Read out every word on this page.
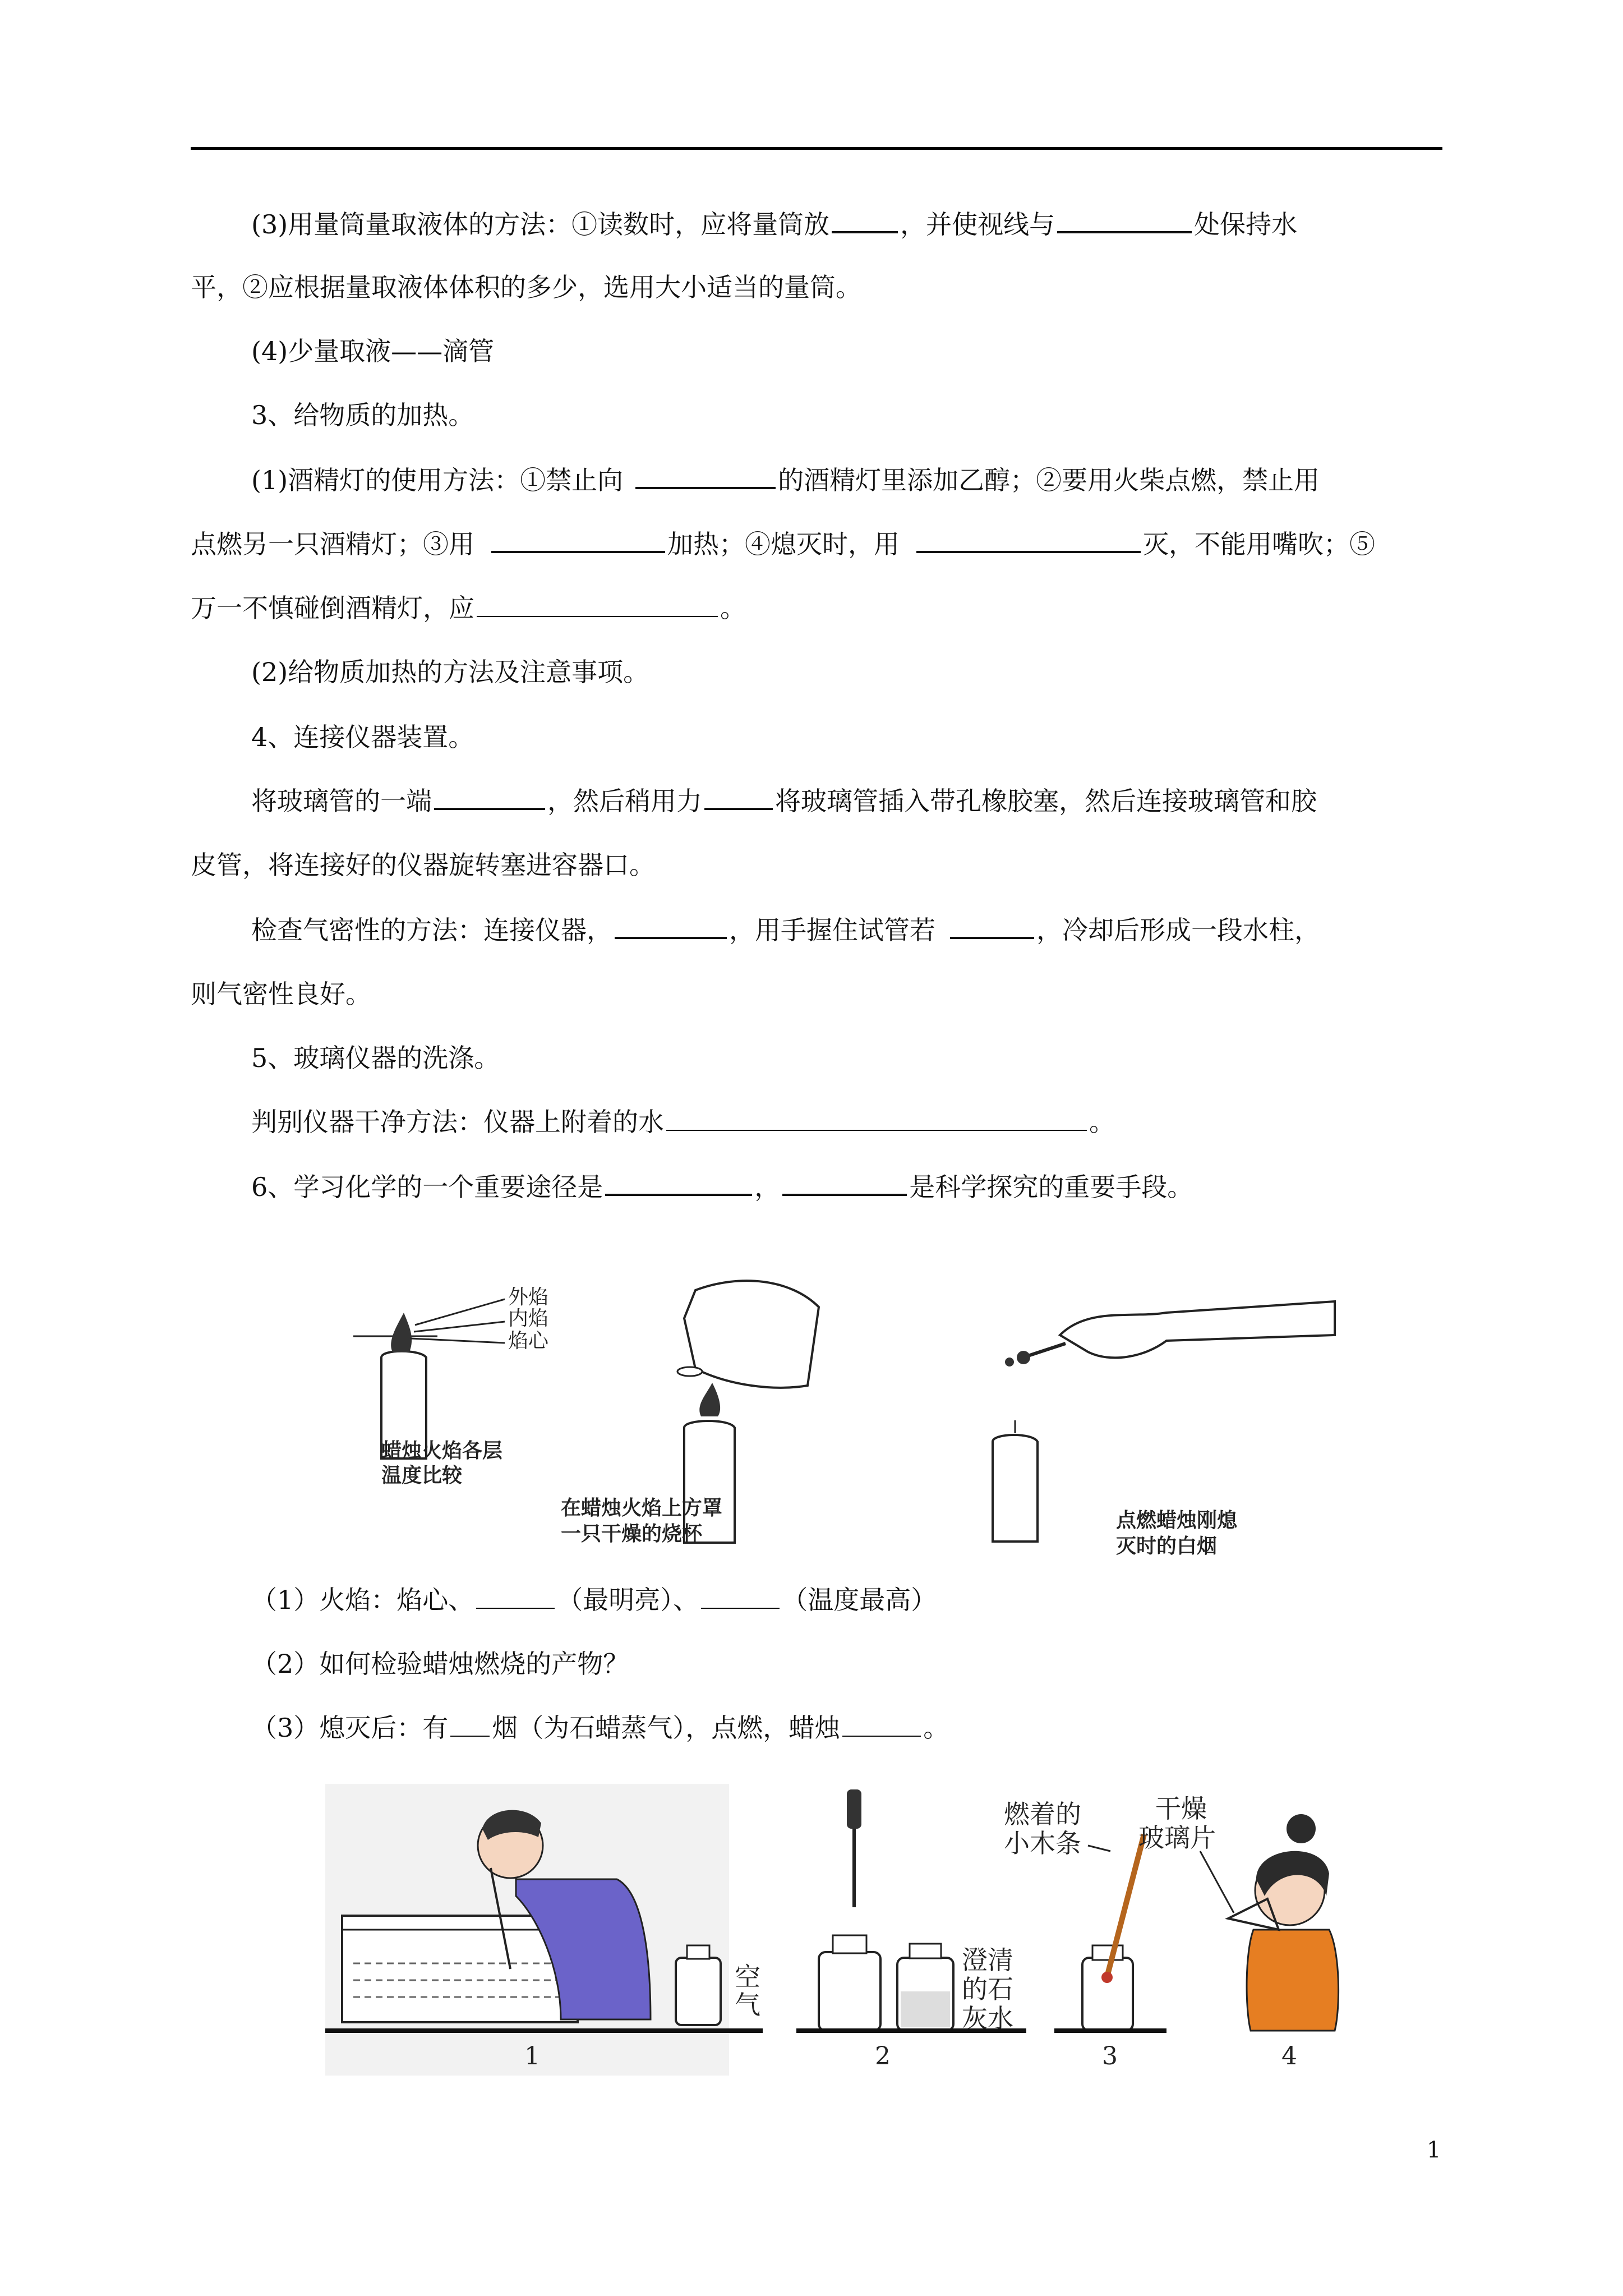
(3)用量筒量取液体的方法：①读数时，应将量筒放	，并使视线与	处保持水
平，②应根据量取液体体积的多少，选用大小适当的量筒。
(4)少量取液——滴管
3、给物质的加热。
(1)酒精灯的使用方法：①禁止向	的酒精灯里添加乙醇；②要用火柴点燃，禁止用
点燃另一只酒精灯；③用	加热；④熄灭时，用	灭，不能用嘴吹；⑤
万一不慎碰倒酒精灯，应	。
(2)给物质加热的方法及注意事项。
4、连接仪器装置。
将玻璃管的一端	，然后稍用力	将玻璃管插入带孔橡胶塞，然后连接玻璃管和胶
皮管，将连接好的仪器旋转塞进容器口。
检查气密性的方法：连接仪器，	，用手握住试管若	，冷却后形成一段水柱，
则气密性良好。
5、玻璃仪器的洗涤。
判别仪器干净方法：仪器上附着的水	。
6、学习化学的一个重要途径是	，	是科学探究的重要手段。
外焰
内焰
焰心
蜡烛火焰各层
温度比较
在蜡烛火焰上方罩
一只干燥的烧杯
点燃蜡烛刚熄
灭时的白烟
（1）火焰：焰心、	（最明亮）、	（温度最高）
（2）如何检验蜡烛燃烧的产物？
（3）熄灭后：有 烟（为石蜡蒸气），点燃，蜡烛	。
空
气
1
澄清
的石
灰水
2
燃着的
小木条
3
干燥
玻璃片
4
1
